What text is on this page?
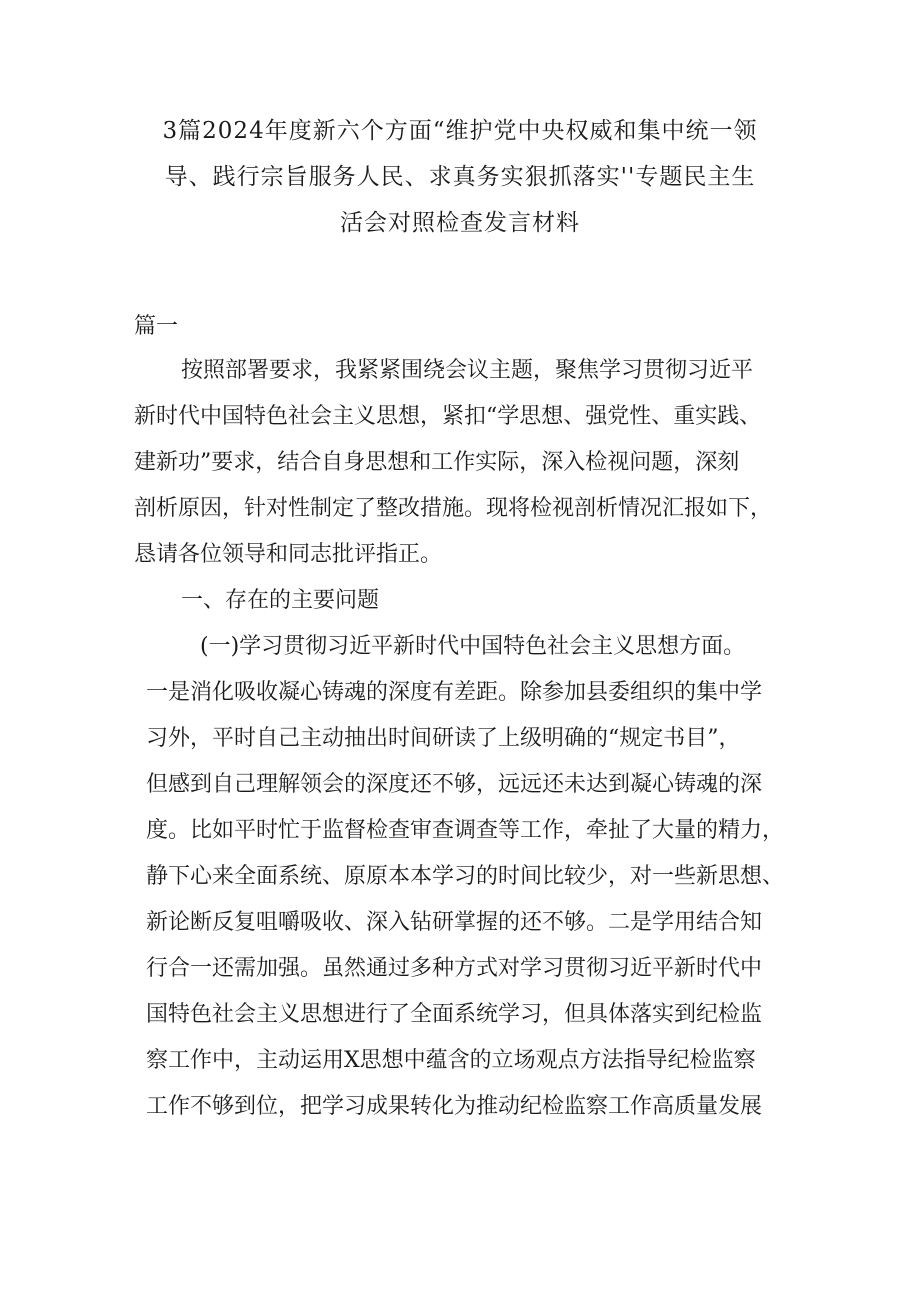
3篇2024年度新六个方面“维护党中央权威和集中统一领
导、践行宗旨服务人民、求真务实狠抓落实''专题民主生
活会对照检查发言材料
篇一
按照部署要求，我紧紧围绕会议主题，聚焦学习贯彻习近平
新时代中国特色社会主义思想，紧扣“学思想、强党性、重实践、
建新功”要求，结合自身思想和工作实际，深入检视问题，深刻
剖析原因，针对性制定了整改措施。现将检视剖析情况汇报如下，
恳请各位领导和同志批评指正。
一、存在的主要问题
(一)学习贯彻习近平新时代中国特色社会主义思想方面。
一是消化吸收凝心铸魂的深度有差距。除参加县委组织的集中学
习外，平时自己主动抽出时间研读了上级明确的“规定书目”，
但感到自己理解领会的深度还不够，远远还未达到凝心铸魂的深
度。比如平时忙于监督检查审查调查等工作，牵扯了大量的精力，
静下心来全面系统、原原本本学习的时间比较少，对一些新思想、
新论断反复咀嚼吸收、深入钻研掌握的还不够。二是学用结合知
行合一还需加强。虽然通过多种方式对学习贯彻习近平新时代中
国特色社会主义思想进行了全面系统学习，但具体落实到纪检监
察工作中，主动运用X思想中蕴含的立场观点方法指导纪检监察
工作不够到位，把学习成果转化为推动纪检监察工作高质量发展
